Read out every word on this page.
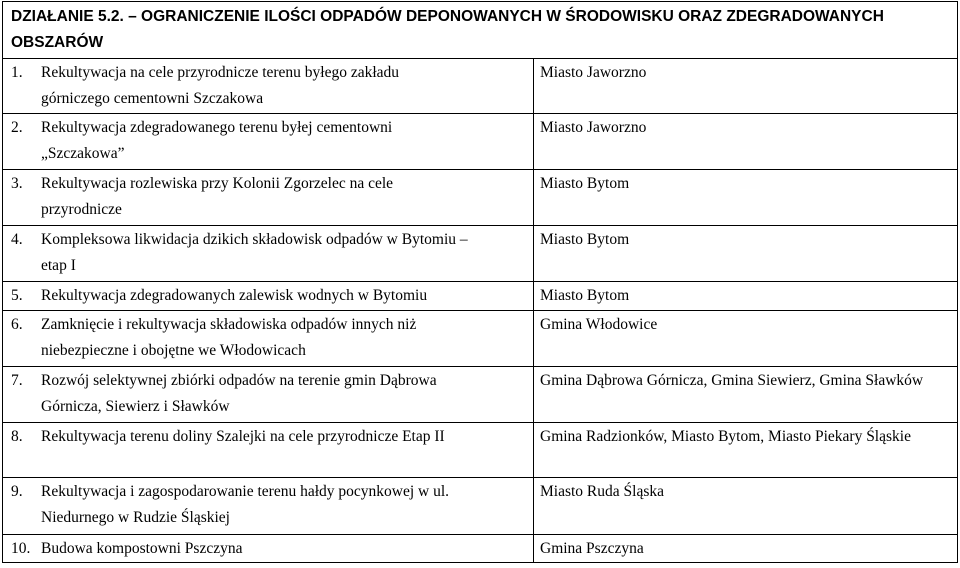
DZIAŁANIE 5.2. – OGRANICZENIE ILOŚCI ODPADÓW DEPONOWANYCH W ŚRODOWISKU ORAZ ZDEGRADOWANYCH
OBSZARÓW	

1. Rekultywacja na cele przyrodnicze terenu byłego zakładu
górniczego cementowni Szczakowa	Miasto Jaworzno

2. Rekultywacja zdegradowanego terenu byłej cementowni
„Szczakowa”	Miasto Jaworzno

3. Rekultywacja rozlewiska przy Kolonii Zgorzelec na cele
przyrodnicze	Miasto Bytom

4. Kompleksowa likwidacja dzikich składowisk odpadów w Bytomiu –
etap I	Miasto Bytom

5. Rekultywacja zdegradowanych zalewisk wodnych w Bytomiu	Miasto Bytom

6. Zamknięcie i rekultywacja składowiska odpadów innych niż
niebezpieczne i obojętne we Włodowicach	Gmina Włodowice

7. Rozwój selektywnej zbiórki odpadów na terenie gmin Dąbrowa
Górnicza, Siewierz i Sławków	Gmina Dąbrowa Górnicza, Gmina Siewierz, Gmina Sławków

8. Rekultywacja terenu doliny Szalejki na cele przyrodnicze Etap II	Gmina Radzionków, Miasto Bytom, Miasto Piekary Śląskie

9. Rekultywacja i zagospodarowanie terenu hałdy pocynkowej w ul.
Niedurnego w Rudzie Śląskiej	Miasto Ruda Śląska

10. Budowa kompostowni Pszczyna	Gmina Pszczyna
